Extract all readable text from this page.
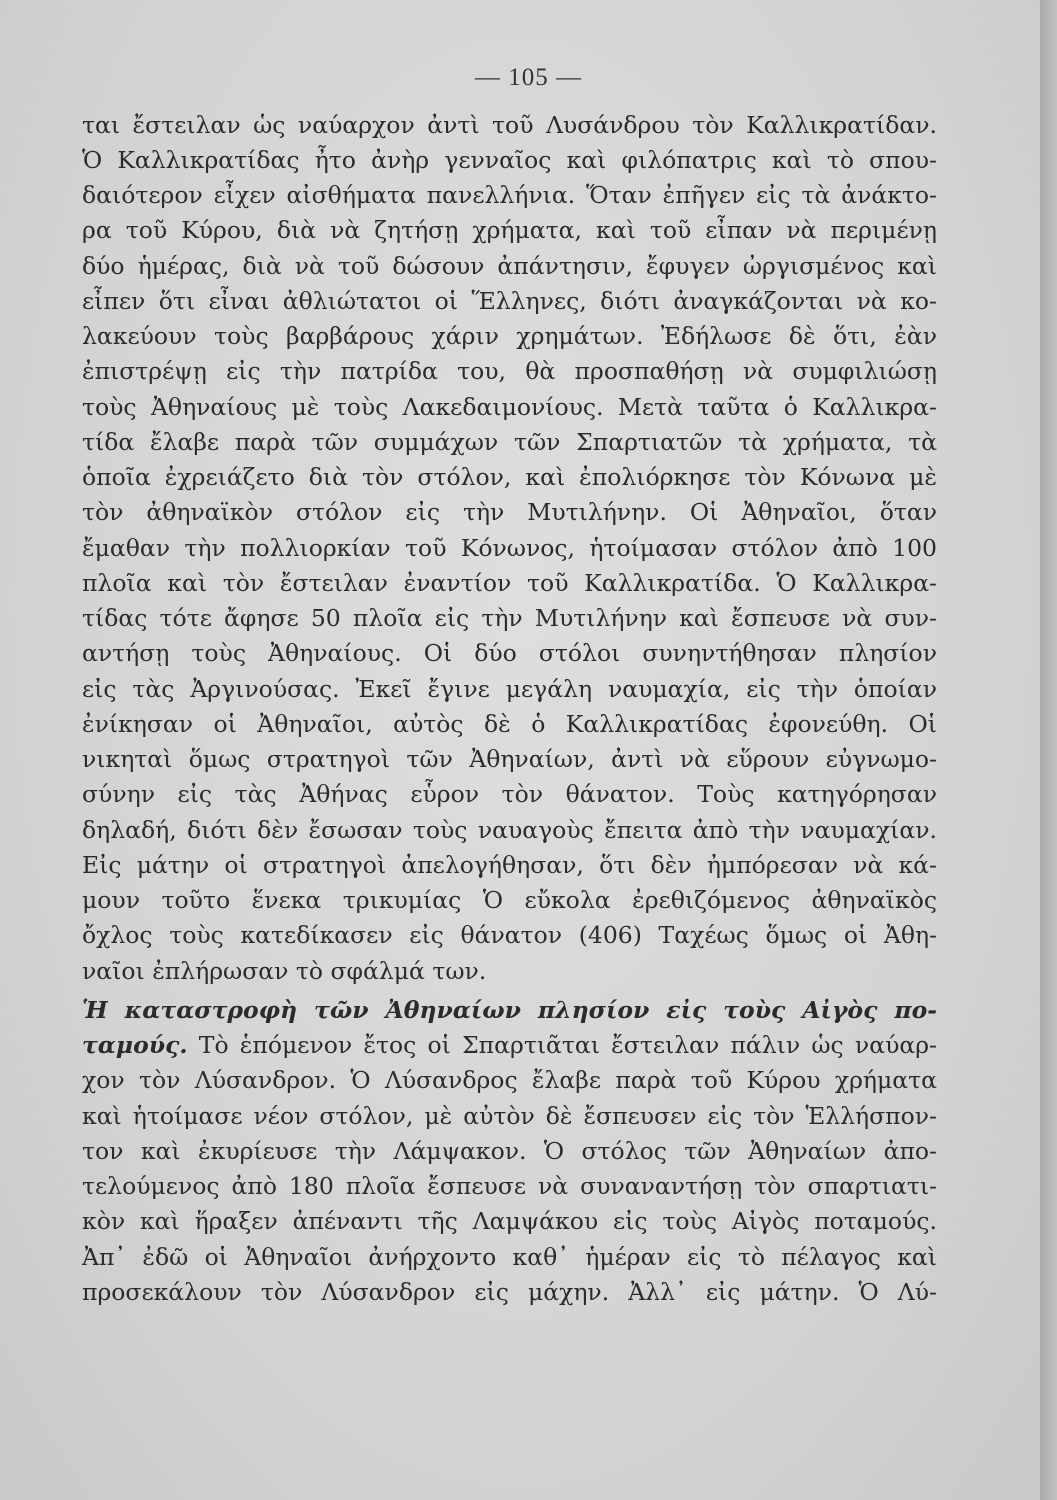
— 105 —
ται ἔστειλαν ὡς ναύαρχον ἀντὶ τοῦ Λυσάνδρου τὸν Καλλικρατίδαν.
Ὁ Καλλικρατίδας ἦτο ἀνὴρ γενναῖος καὶ φιλόπατρις καὶ τὸ σπου-
δαιότερον εἶχεν αἰσθήματα πανελλήνια. Ὅταν ἐπῆγεν εἰς τὰ ἀνάκτο-
ρα τοῦ Κύρου, διὰ νὰ ζητήσῃ χρήματα, καὶ τοῦ εἶπαν νὰ περιμένῃ
δύο ἡμέρας, διὰ νὰ τοῦ δώσουν ἀπάντησιν, ἔφυγεν ὠργισμένος καὶ
εἶπεν ὅτι εἶναι ἀθλιώτατοι οἱ Ἕλληνες, διότι ἀναγκάζονται νὰ κο-
λακεύουν τοὺς βαρβάρους χάριν χρημάτων. Ἐδήλωσε δὲ ὅτι, ἐὰν
ἐπιστρέψῃ εἰς τὴν πατρίδα του, θὰ προσπαθήσῃ νὰ συμφιλιώσῃ
τοὺς Ἀθηναίους μὲ τοὺς Λακεδαιμονίους. Μετὰ ταῦτα ὁ Καλλικρα-
τίδα ἔλαβε παρὰ τῶν συμμάχων τῶν Σπαρτιατῶν τὰ χρήματα, τὰ
ὁποῖα ἐχρειάζετο διὰ τὸν στόλον, καὶ ἐπολιόρκησε τὸν Κόνωνα μὲ
τὸν ἀθηναϊκὸν στόλον εἰς τὴν Μυτιλήνην. Οἱ Ἀθηναῖοι, ὅταν
ἔμαθαν τὴν πολλιορκίαν τοῦ Κόνωνος, ἡτοίμασαν στόλον ἀπὸ 100
πλοῖα καὶ τὸν ἔστειλαν ἐναντίον τοῦ Καλλικρατίδα. Ὁ Καλλικρα-
τίδας τότε ἄφησε 50 πλοῖα εἰς τὴν Μυτιλήνην καὶ ἔσπευσε νὰ συν-
αντήσῃ τοὺς Ἀθηναίους. Οἱ δύο στόλοι συνηντήθησαν πλησίον
εἰς τὰς Ἀργινούσας. Ἐκεῖ ἔγινε μεγάλη ναυμαχία, εἰς τὴν ὁποίαν
ἐνίκησαν οἱ Ἀθηναῖοι, αὐτὸς δὲ ὁ Καλλικρατίδας ἐφονεύθη. Οἱ
νικηταὶ ὅμως στρατηγοὶ τῶν Ἀθηναίων, ἀντὶ νὰ εὕρουν εὐγνωμο-
σύνην εἰς τὰς Ἀθήνας εὗρον τὸν θάνατον. Τοὺς κατηγόρησαν
δηλαδή, διότι δὲν ἔσωσαν τοὺς ναυαγοὺς ἔπειτα ἀπὸ τὴν ναυμαχίαν.
Εἰς μάτην οἱ στρατηγοὶ ἀπελογήθησαν, ὅτι δὲν ἠμπόρεσαν νὰ κά-
μουν τοῦτο ἕνεκα τρικυμίας Ὁ εὔκολα ἐρεθιζόμενος ἀθηναϊκὸς
ὄχλος τοὺς κατεδίκασεν εἰς θάνατον (406) Ταχέως ὅμως οἱ Ἀθη-
ναῖοι ἐπλήρωσαν τὸ σφάλμά των.
Ἡ καταστροφὴ τῶν Ἀθηναίων πλησίον εἰς τοὺς Αἰγὸς πο-
ταμούς. Τὸ ἑπόμενον ἔτος οἱ Σπαρτιᾶται ἔστειλαν πάλιν ὡς ναύαρ-
χον τὸν Λύσανδρον. Ὁ Λύσανδρος ἔλαβε παρὰ τοῦ Κύρου χρήματα
καὶ ἡτοίμασε νέον στόλον, μὲ αὐτὸν δὲ ἔσπευσεν εἰς τὸν Ἑλλήσπον-
τον καὶ ἐκυρίευσε τὴν Λάμψακον. Ὁ στόλος τῶν Ἀθηναίων ἀπο-
τελούμενος ἀπὸ 180 πλοῖα ἔσπευσε νὰ συναναντήσῃ τὸν σπαρτιατι-
κὸν καὶ ἥραξεν ἀπέναντι τῆς Λαμψάκου εἰς τοὺς Αἰγὸς ποταμούς.
Ἀπ᾽ ἐδῶ οἱ Ἀθηναῖοι ἀνήρχοντο καθ᾽ ἡμέραν εἰς τὸ πέλαγος καὶ
προσεκάλουν τὸν Λύσανδρον εἰς μάχην. Ἀλλ᾽ εἰς μάτην. Ὁ Λύ-
